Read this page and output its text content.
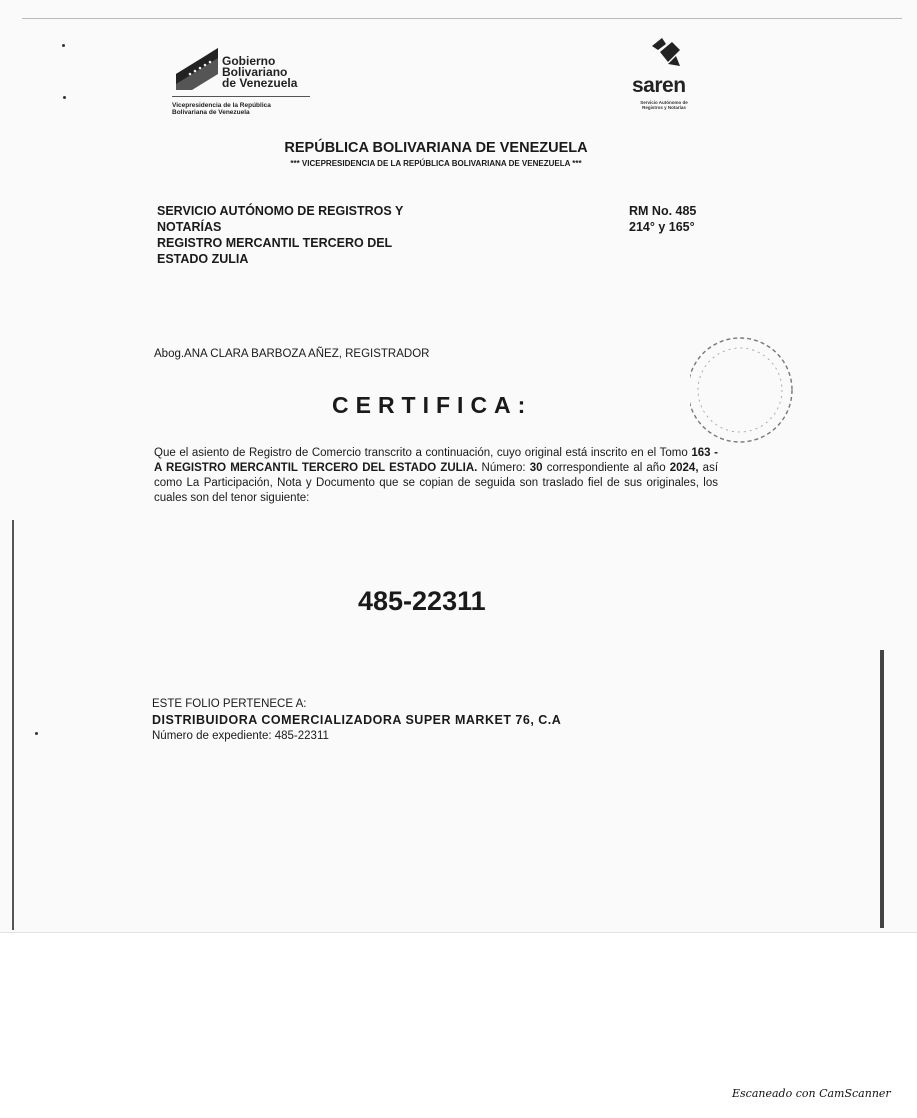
Gobierno
Bolivariano
de Venezuela
Vicepresidencia de la República
Bolivariana de Venezuela
saren
Servicio Autónomo de
Registros y Notarías
REPÚBLICA BOLIVARIANA DE VENEZUELA
*** VICEPRESIDENCIA DE LA REPÚBLICA BOLIVARIANA DE VENEZUELA ***
SERVICIO AUTÓNOMO DE REGISTROS Y
NOTARÍAS
REGISTRO MERCANTIL TERCERO DEL
ESTADO ZULIA
RM No. 485
214° y 165°
Abog.ANA CLARA BARBOZA AÑEZ, REGISTRADOR
CERTIFICA:
Que el asiento de Registro de Comercio transcrito a continuación, cuyo original está inscrito en el Tomo 163 - A REGISTRO MERCANTIL TERCERO DEL ESTADO ZULIA. Número: 30 correspondiente al año 2024, así como La Participación, Nota y Documento que se copian de seguida son traslado fiel de sus originales, los cuales son del tenor siguiente:
485-22311
ESTE FOLIO PERTENECE A:
DISTRIBUIDORA COMERCIALIZADORA SUPER MARKET 76, C.A
Número de expediente: 485-22311
Escaneado con CamScanner
